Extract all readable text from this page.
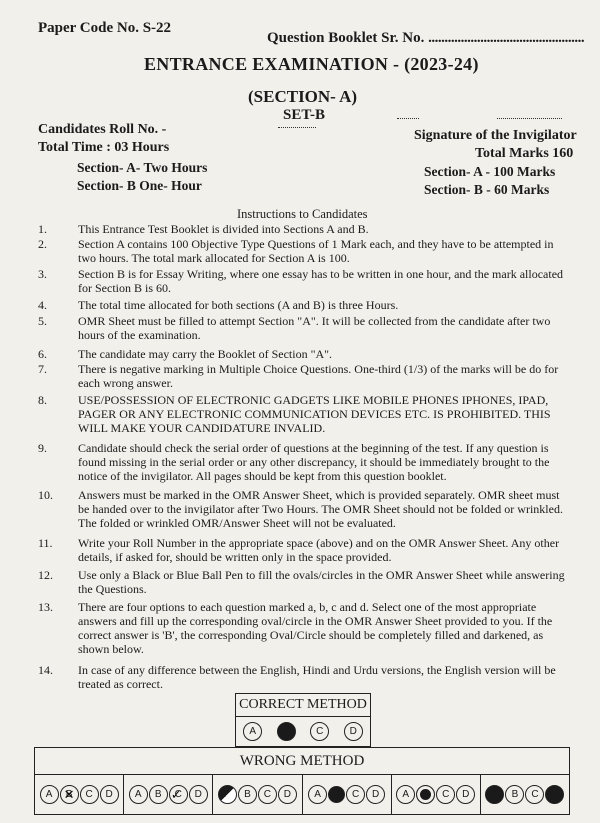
Paper Code No. S-22
Question Booklet Sr. No. ................................................
ENTRANCE EXAMINATION - (2023-24)
(SECTION- A)
SET-B
Candidates Roll No. -
Total Time : 03 Hours
Section- A- Two Hours
Section- B One- Hour
Signature of the Invigilator
Total Marks 160
Section- A - 100 Marks
Section- B - 60 Marks
Instructions to Candidates
1.	This Entrance Test Booklet is divided into Sections A and B.
2.	Section A contains 100 Objective Type Questions of 1 Mark each, and they have to be attempted in two hours. The total mark allocated for Section A is 100.
3.	Section B is for Essay Writing, where one essay has to be written in one hour, and the mark allocated for Section B is 60.
4.	The total time allocated for both sections (A and B) is three Hours.
5.	OMR Sheet must be filled to attempt Section "A". It will be collected from the candidate after two hours of the examination.
6.	The candidate may carry the Booklet of Section "A".
7.	There is negative marking in Multiple Choice Questions. One-third (1/3) of the marks will be do for each wrong answer.
8.	USE/POSSESSION OF ELECTRONIC GADGETS LIKE MOBILE PHONES IPHONES, IPAD, PAGER OR ANY ELECTRONIC COMMUNICATION DEVICES ETC. IS PROHIBITED. THIS WILL MAKE YOUR CANDIDATURE INVALID.
9.	Candidate should check the serial order of questions at the beginning of the test. If any question is found missing in the serial order or any other discrepancy, it should be immediately brought to the notice of the invigilator. All pages should be kept from this question booklet.
10. Answers must be marked in the OMR Answer Sheet, which is provided separately. OMR sheet must be handed over to the invigilator after Two Hours. The OMR Sheet should not be folded or wrinkled. The folded or wrinkled OMR/Answer Sheet will not be evaluated.
11. Write your Roll Number in the appropriate space (above) and on the OMR Answer Sheet. Any other details, if asked for, should be written only in the space provided.
12. Use only a Black or Blue Ball Pen to fill the ovals/circles in the OMR Answer Sheet while answering the Questions.
13. There are four options to each question marked a, b, c and d. Select one of the most appropriate answers and fill up the corresponding oval/circle in the OMR Answer Sheet provided to you. If the correct answer is 'B', the corresponding Oval/Circle should be completely filled and darkened, as shown below.
14. In case of any difference between the English, Hindi and Urdu versions, the English version will be treated as correct.
CORRECT METHOD
A	B	C	D
WRONG METHOD
A	B ✕	C	D	A	B	C ✓	D	B	C	D	A	B	C	D	A	B	C	D	A	B	C	D
